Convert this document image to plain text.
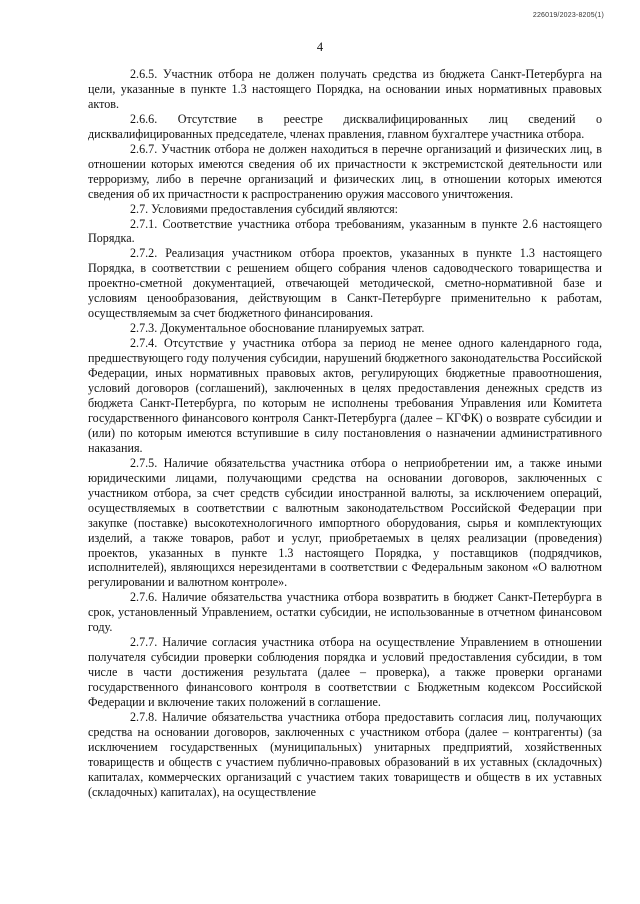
226019/2023-8205(1)
4

2.6.5. Участник отбора не должен получать средства из бюджета Санкт-Петербурга на цели, указанные в пункте 1.3 настоящего Порядка, на основании иных нормативных правовых актов.

2.6.6. Отсутствие в реестре дисквалифицированных лиц сведений о дисквалифицированных председателе, членах правления, главном бухгалтере участника отбора.

2.6.7. Участник отбора не должен находиться в перечне организаций и физических лиц, в отношении которых имеются сведения об их причастности к экстремистской деятельности или терроризму, либо в перечне организаций и физических лиц, в отношении которых имеются сведения об их причастности к распространению оружия массового уничтожения.

2.7. Условиями предоставления субсидий являются:

2.7.1. Соответствие участника отбора требованиям, указанным в пункте 2.6 настоящего Порядка.

2.7.2. Реализация участником отбора проектов, указанных в пункте 1.3 настоящего Порядка, в соответствии с решением общего собрания членов садоводческого товарищества и проектно-сметной документацией, отвечающей методической, сметно-нормативной базе и условиям ценообразования, действующим в Санкт-Петербурге применительно к работам, осуществляемым за счет бюджетного финансирования.

2.7.3. Документальное обоснование планируемых затрат.

2.7.4. Отсутствие у участника отбора за период не менее одного календарного года, предшествующего году получения субсидии, нарушений бюджетного законодательства Российской Федерации, иных нормативных правовых актов, регулирующих бюджетные правоотношения, условий договоров (соглашений), заключенных в целях предоставления денежных средств из бюджета Санкт-Петербурга, по которым не исполнены требования Управления или Комитета государственного финансового контроля Санкт-Петербурга (далее – КГФК) о возврате субсидии и (или) по которым имеются вступившие в силу постановления о назначении административного наказания.

2.7.5. Наличие обязательства участника отбора о неприобретении им, а также иными юридическими лицами, получающими средства на основании договоров, заключенных с участником отбора, за счет средств субсидии иностранной валюты, за исключением операций, осуществляемых в соответствии с валютным законодательством Российской Федерации при закупке (поставке) высокотехнологичного импортного оборудования, сырья и комплектующих изделий, а также товаров, работ и услуг, приобретаемых в целях реализации (проведения) проектов, указанных в пункте 1.3 настоящего Порядка, у поставщиков (подрядчиков, исполнителей), являющихся нерезидентами в соответствии с Федеральным законом «О валютном регулировании и валютном контроле».

2.7.6. Наличие обязательства участника отбора возвратить в бюджет Санкт-Петербурга в срок, установленный Управлением, остатки субсидии, не использованные в отчетном финансовом году.

2.7.7. Наличие согласия участника отбора на осуществление Управлением в отношении получателя субсидии проверки соблюдения порядка и условий предоставления субсидии, в том числе в части достижения результата (далее – проверка), а также проверки органами государственного финансового контроля в соответствии с Бюджетным кодексом Российской Федерации и включение таких положений в соглашение.

2.7.8. Наличие обязательства участника отбора предоставить согласия лиц, получающих средства на основании договоров, заключенных с участником отбора (далее – контрагенты) (за исключением государственных (муниципальных) унитарных предприятий, хозяйственных товариществ и обществ с участием публично-правовых образований в их уставных (складочных) капиталах, коммерческих организаций с участием таких товариществ и обществ в их уставных (складочных) капиталах), на осуществление
